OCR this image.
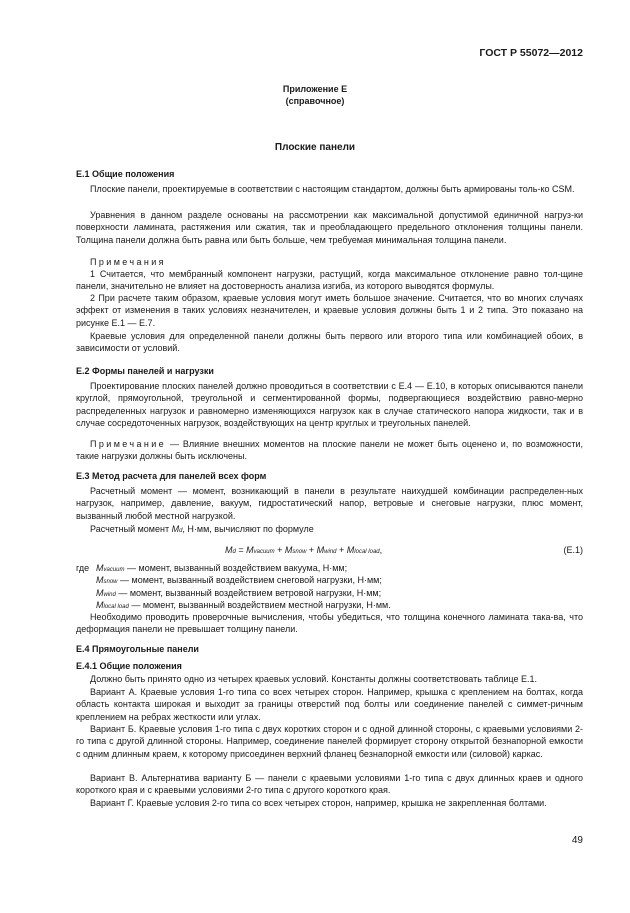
ГОСТ Р 55072—2012
Приложение Е
(справочное)
Плоские панели
Е.1 Общие положения
Плоские панели, проектируемые в соответствии с настоящим стандартом, должны быть армированы толь-ко CSM.
Уравнения в данном разделе основаны на рассмотрении как максимальной допустимой единичной нагруз-ки поверхности ламината, растяжения или сжатия, так и преобладающего предельного отклонения толщины панели. Толщина панели должна быть равна или быть больше, чем требуемая минимальная толщина панели.
Примечания
1 Считается, что мембранный компонент нагрузки, растущий, когда максимальное отклонение равно тол-щине панели, значительно не влияет на достоверность анализа изгиба, из которого выводятся формулы.
2 При расчете таким образом, краевые условия могут иметь большое значение. Считается, что во многих случаях эффект от изменения в таких условиях незначителен, и краевые условия должны быть 1 и 2 типа. Это показано на рисунке Е.1 — Е.7.
Краевые условия для определенной панели должны быть первого или второго типа или комбинацией обоих, в зависимости от условий.
Е.2 Формы панелей и нагрузки
Проектирование плоских панелей должно проводиться в соответствии с Е.4 — Е.10, в которых описываются панели круглой, прямоугольной, треугольной и сегментированной формы, подвергающиеся воздействию равно-мерно распределенных нагрузок и равномерно изменяющихся нагрузок как в случае статического напора жидкости, так и в случае сосредоточенных нагрузок, воздействующих на центр круглых и треугольных панелей.
Примечание — Влияние внешних моментов на плоские панели не может быть оценено и, по возможности, такие нагрузки должны быть исключены.
Е.3 Метод расчета для панелей всех форм
Расчетный момент — момент, возникающий в панели в результате наихудшей комбинации распределен-ных нагрузок, например, давление, вакуум, гидростатический напор, ветровые и снеговые нагрузки, плюс момент, вызванный любой местной нагрузкой.
Расчетный момент Md, Н·мм, вычисляют по формуле
Md = Mvacuum + Msnow + Mwind + Mlocal load,	(Е.1)
где Mvacuum — момент, вызванный воздействием вакуума, Н·мм;
Msnow — момент, вызванный воздействием снеговой нагрузки, Н·мм;
Mwind — момент, вызванный воздействием ветровой нагрузки, Н·мм;
Mlocal load — момент, вызванный воздействием местной нагрузки, Н·мм.
Необходимо проводить проверочные вычисления, чтобы убедиться, что толщина конечного ламината така-ва, что деформация панели не превышает толщину панели.
Е.4 Прямоугольные панели
Е.4.1 Общие положения
Должно быть принято одно из четырех краевых условий. Константы должны соответствовать таблице Е.1.
Вариант А. Краевые условия 1-го типа со всех четырех сторон. Например, крышка с креплением на болтах, когда область контакта широкая и выходит за границы отверстий под болты или соединение панелей с симмет-ричным креплением на ребрах жесткости или углах.
Вариант Б. Краевые условия 1-го типа с двух коротких сторон и с одной длинной стороны, с краевыми условиями 2-го типа с другой длинной стороны. Например, соединение панелей формирует сторону открытой безнапорной емкости с одним длинным краем, к которому присоединен верхний фланец безнапорной емкости или (силовой) каркас.
Вариант В. Альтернатива варианту Б — панели с краевыми условиями 1-го типа с двух длинных краев и одного короткого края и с краевыми условиями 2-го типа с другого короткого края.
Вариант Г. Краевые условия 2-го типа со всех четырех сторон, например, крышка не закрепленная болтами.
49
